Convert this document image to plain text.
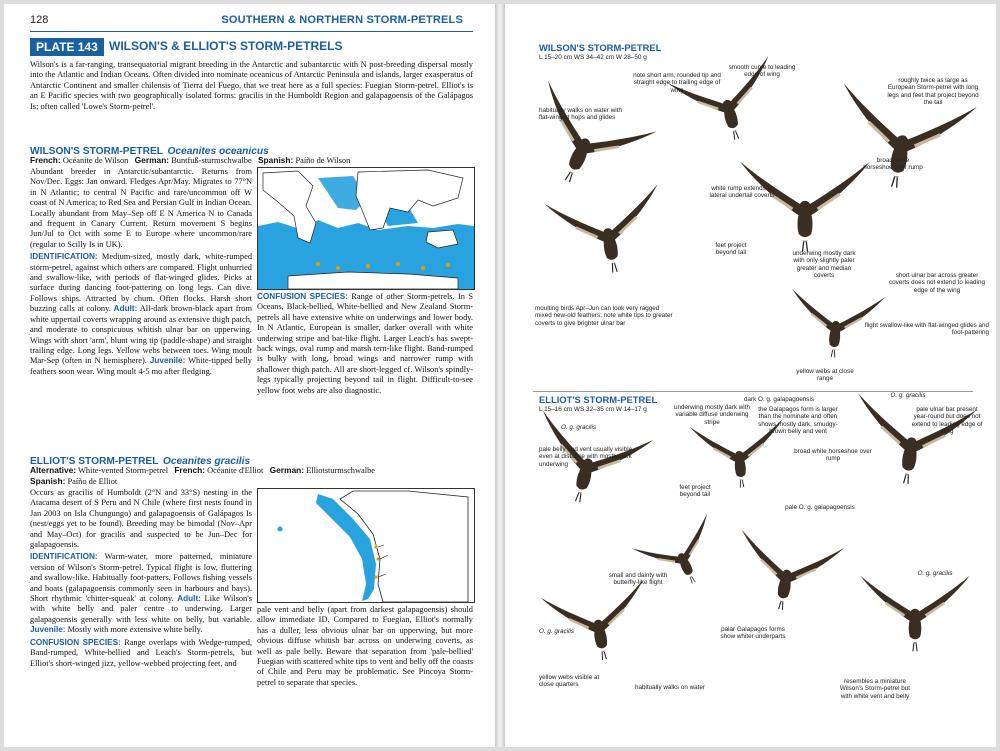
128	SOUTHERN & NORTHERN STORM-PETRELS
PLATE 143 WILSON'S & ELLIOT'S STORM-PETRELS
Wilson's is a far-ranging, transequatorial migrant breeding in the Antarctic and subantarctic with N post-breeding dispersal mostly into the Atlantic and Indian Oceans. Often divided into nominate oceanicus of Antarctic Peninsula and islands, larger exasperatus of Antarctic Continent and smaller chilensis of Tierra del Fuego, that we treat here as a full species: Fuegian Storm-petrel. Elliot's is an E Pacific species with two geographically isolated forms: gracilis in the Humboldt Region and galapagoensis of the Galápagos Is; often called 'Lowe's Storm-petrel'.
WILSON'S STORM-PETREL Oceanites oceanicus
French: Océanite de Wilson German: Buntfuß-sturmschwalbe Spanish: Paíño de Wilson

Abundant breeder in Antarctic/subantarctic. Returns from Nov/Dec. Eggs: Jan onward. Fledges Apr/May. Migrates to 77°N in N Atlantic; to central N Pacific and rare/uncommon off W coast of N America; to Red Sea and Persian Gulf in Indian Ocean. Locally abundant from May–Sep off E N America N to Canada and frequent in Canary Current. Return movement S begins Jun/Jul to Oct with some E to Europe where uncommon/rare (regular to Scilly Is in UK).

IDENTIFICATION: Medium-sized, mostly dark, white-rumped storm-petrel, against which others are compared. Flight unhurried and swallow-like, with periods of flat-winged glides. Picks at surface during dancing foot-pattering on long legs. Can dive. Follows ships. Attracted by chum. Often flocks. Harsh short buzzing calls at colony. Adult: All-dark brown-black apart from white uppertail coverts wrapping around as extensive thigh patch, and moderate to conspicuous whitish ulnar bar on upperwing. Wings with short 'arm', blunt wing tip (paddle-shape) and straight trailing edge. Long legs. Yellow webs between toes. Wing moult Mar-Sep (often in N hemisphere). Juvenile: White-tipped belly feathers soon wear. Wing moult 4-5 mo after fledging.

CONFUSION SPECIES: Range of other Storm-petrels. In S Oceans, Black-bellied, White-bellied and New Zealand Storm-petrels all have extensive white on underwings and lower body. In N Atlantic, European is smaller, darker overall with white underwing stripe and bat-like flight. Larger Leach's has swept-back wings, oval rump and marsh tern-like flight. Band-rumped is bulky with long, broad wings and narrower rump with shallower thigh patch. All are short-legged cf. Wilson's spindly-legs typically projecting beyond tail in flight. Difficult-to-see yellow foot webs are also diagnostic.
ELLIOT'S STORM-PETREL Oceanites gracilis
Alternative: White-vented Storm-petrel French: Océanite d'Elliot German: Elliotsturmschwalbe
Spanish: Paíño de Elliot

Occurs as gracilis of Humboldt (2°N and 33°S) nesting in the Atacama desert of S Peru and N Chile (where first nests found in Jan 2003 on Isla Chungungo) and galapagoensis of Galápagos Is (nest/eggs yet to be found). Breeding may be bimodal (Nov–Apr and May–Oct) for gracilis and suspected to be Jun–Dec for galapagoensis.

IDENTIFICATION: Warm-water, more patterned, miniature version of Wilson's Storm-petrel. Typical flight is low, fluttering and swallow-like. Habitually foot-patters. Follows fishing vessels and boats (galapagoensis commonly seen in harbours and bays). Short rhythmic 'chitter-squeak' at colony. Adult: Like Wilson's with white belly and paler centre to underwing. Larger galapagoensis generally with less white on belly, but variable. Juvenile: Mostly with more extensive white belly.

CONFUSION SPECIES: Range overlaps with Wedge-rumped, Band-rumped, White-bellied and Leach's Storm-petrels, but Elliot's short-winged jizz, yellow-webbed projecting feet, and

pale vent and belly (apart from darkest galapagoensis) should allow immediate ID. Compared to Fuegian, Elliot's normally has a duller, less obvious ulnar bar on upperwing, but more obvious diffuse whitish bar across on underwing coverts, as well as pale belly. Beware that separation from 'pale-bellied' Fuegian with scattered white tips to vent and belly off the coasts of Chile and Peru may be problematic. See Pincoya Storm-petrel to separate that species.
WILSON'S STORM-PETREL
L 15–20 cm WS 34–42 cm W 28–50 g
note short arm, rounded tip and straight edge to trailing edge of wing
smooth curve to leading edge of wing
roughly twice as large as European Storm-petrel with long legs and feet that project beyond the tail
habitually walks on water with flat-winged hops and glides
broad white horseshoe over rump
white rump extends to lateral undertail coverts
feet project beyond tail	underwing mostly dark with only slightly paler greater and median coverts	short ulnar bar across greater coverts does not extend to leading edge of the wing
moulting birds Apr–Jun can look very ragged mixed new-old feathers; note white tips to greater coverts to give brighter ulnar bar	flight swallow-like with flat-winged glides and foot-pattering
yellow webs at close range
ELLIOT'S STORM-PETREL
L 15–16 cm WS 32–35 cm W 14–17 g
O. g. gracilis
underwing mostly dark with variable diffuse underwing stripe
dark O. g. galapagoensis
the Galapagos form is larger than the nominate and often shows mostly dark, smudgy-brown belly and vent
O. g. gracilis
pale ulnar bar present year-round but does not extend to leading edge of wing
pale belly and vent usually visible even at distance with mostly dark underwing
broad white horseshoe over rump
feet project beyond tail
pale O. g. galapagoensis
small and dainty with butterfly-like flight
O. g. gracilis	palar Galapagos forms show whiter underparts
O. g. gracilis
yellow webs visible at close quarters	habitually walks on water
resembles a miniature Wilson's Storm-petrel but with white vent and belly
